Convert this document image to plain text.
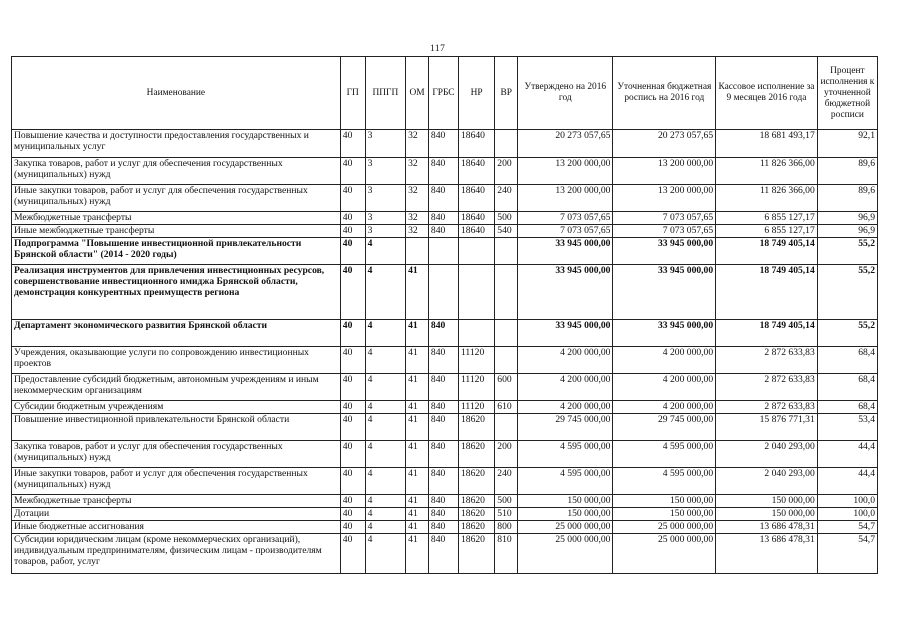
117
Наименование	ГП	ППГП	ОМ	ГРБС	НР	ВР	Утверждено на 2016 год	Уточненная бюджетная роспись на 2016 год	Кассовое исполнение за 9 месяцев 2016 года	Процент исполнения к уточненной бюджетной росписи
Повышение качества и доступности предоставления государственных и муниципальных услуг	40	3	32	840	18640		20 273 057,65	20 273 057,65	18 681 493,17	92,1
Закупка товаров, работ и услуг для обеспечения государственных (муниципальных) нужд	40	3	32	840	18640	200	13 200 000,00	13 200 000,00	11 826 366,00	89,6
Иные закупки товаров, работ и услуг для обеспечения государственных (муниципальных) нужд	40	3	32	840	18640	240	13 200 000,00	13 200 000,00	11 826 366,00	89,6
Межбюджетные трансферты	40	3	32	840	18640	500	7 073 057,65	7 073 057,65	6 855 127,17	96,9
Иные межбюджетные трансферты	40	3	32	840	18640	540	7 073 057,65	7 073 057,65	6 855 127,17	96,9
Подпрограмма "Повышение инвестиционной привлекательности Брянской области" (2014 - 2020 годы)	40	4					33 945 000,00	33 945 000,00	18 749 405,14	55,2
Реализация инструментов для привлечения инвестиционных ресурсов, совершенствование инвестиционного имиджа Брянской области, демонстрация конкурентных преимуществ региона	40	4	41				33 945 000,00	33 945 000,00	18 749 405,14	55,2
Департамент экономического развития Брянской области	40	4	41	840			33 945 000,00	33 945 000,00	18 749 405,14	55,2
Учреждения, оказывающие услуги по сопровождению инвестиционных проектов	40	4	41	840	11120		4 200 000,00	4 200 000,00	2 872 633,83	68,4
Предоставление субсидий бюджетным, автономным учреждениям и иным некоммерческим организациям	40	4	41	840	11120	600	4 200 000,00	4 200 000,00	2 872 633,83	68,4
Субсидии бюджетным учреждениям	40	4	41	840	11120	610	4 200 000,00	4 200 000,00	2 872 633,83	68,4
Повышение инвестиционной привлекательности Брянской области	40	4	41	840	18620		29 745 000,00	29 745 000,00	15 876 771,31	53,4
Закупка товаров, работ и услуг для обеспечения государственных (муниципальных) нужд	40	4	41	840	18620	200	4 595 000,00	4 595 000,00	2 040 293,00	44,4
Иные закупки товаров, работ и услуг для обеспечения государственных (муниципальных) нужд	40	4	41	840	18620	240	4 595 000,00	4 595 000,00	2 040 293,00	44,4
Межбюджетные трансферты	40	4	41	840	18620	500	150 000,00	150 000,00	150 000,00	100,0
Дотации	40	4	41	840	18620	510	150 000,00	150 000,00	150 000,00	100,0
Иные бюджетные ассигнования	40	4	41	840	18620	800	25 000 000,00	25 000 000,00	13 686 478,31	54,7
Субсидии юридическим лицам (кроме некоммерческих организаций), индивидуальным предпринимателям, физическим лицам - производителям товаров, работ, услуг	40	4	41	840	18620	810	25 000 000,00	25 000 000,00	13 686 478,31	54,7
